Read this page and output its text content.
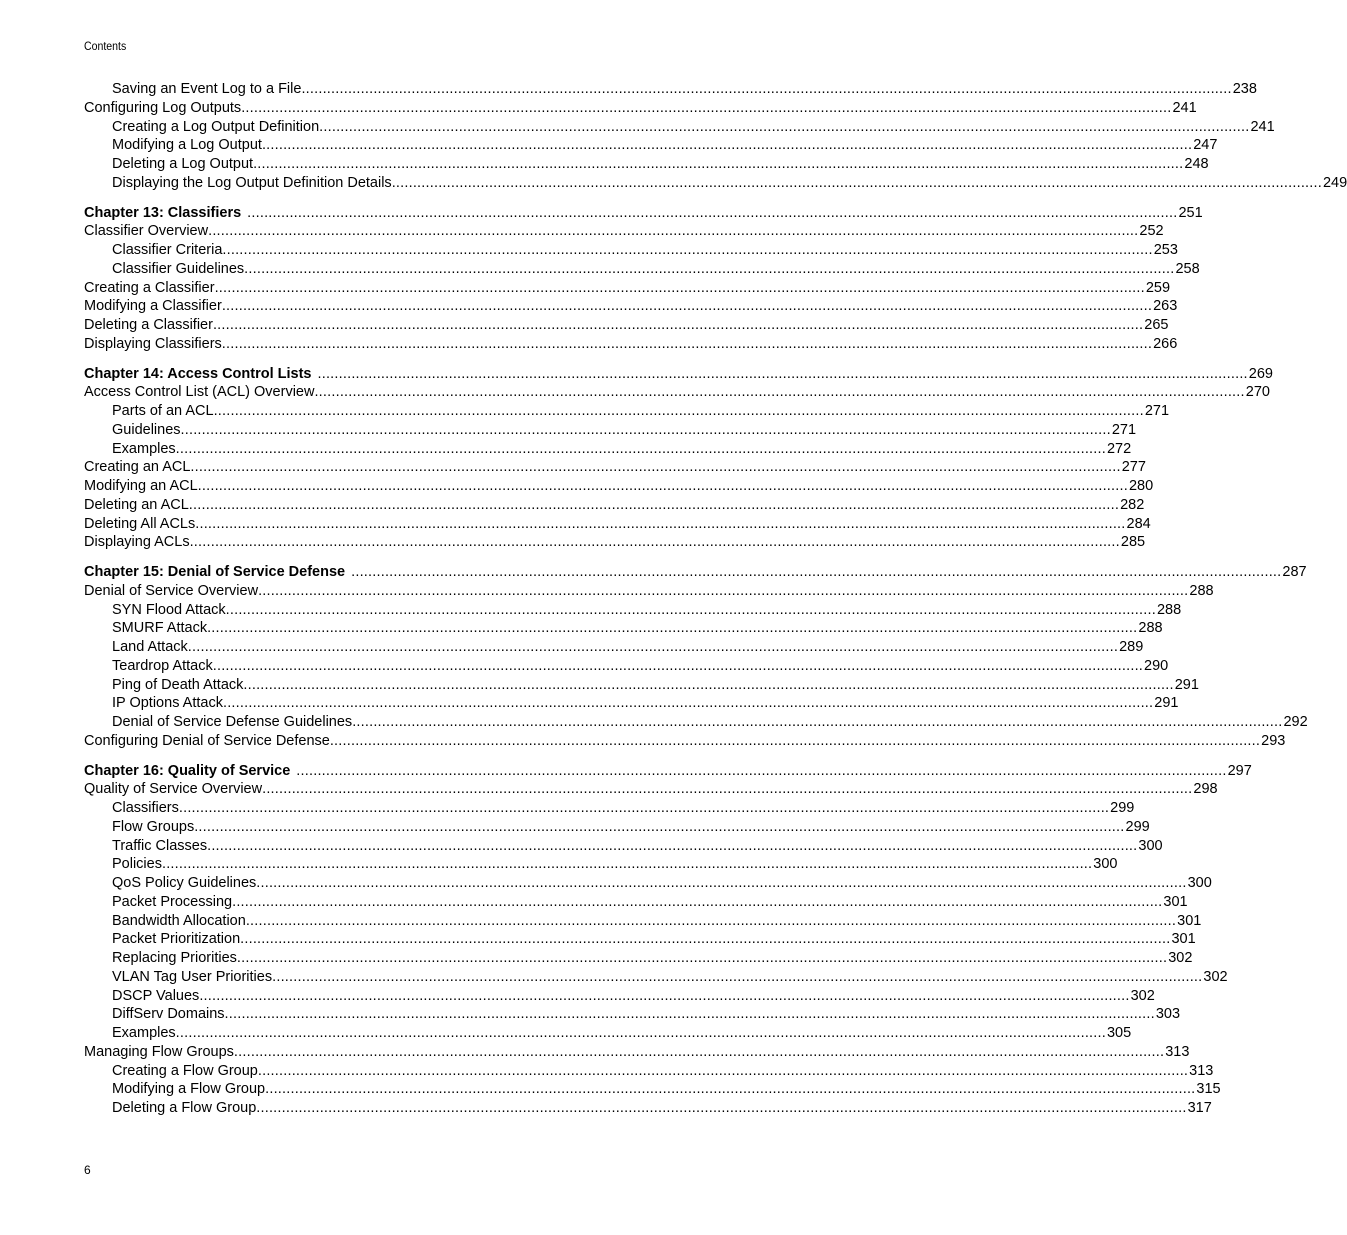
Contents
Saving an Event Log to a File ............................................................................................................................................................................................................................ 238
Configuring Log Outputs ............................................................................................................................................................................................................................ 241
Creating a Log Output Definition ............................................................................................................................................................................................................................ 241
Modifying a Log Output ............................................................................................................................................................................................................................ 247
Deleting a Log Output ............................................................................................................................................................................................................................ 248
Displaying the Log Output Definition Details ............................................................................................................................................................................................................................ 249
Chapter 13: Classifiers ............................................................................................................................................................................................................................ 251
Classifier Overview ............................................................................................................................................................................................................................ 252
Classifier Criteria ............................................................................................................................................................................................................................ 253
Classifier Guidelines ............................................................................................................................................................................................................................ 258
Creating a Classifier ............................................................................................................................................................................................................................ 259
Modifying a Classifier ............................................................................................................................................................................................................................ 263
Deleting a Classifier ............................................................................................................................................................................................................................ 265
Displaying Classifiers ............................................................................................................................................................................................................................ 266
Chapter 14: Access Control Lists ............................................................................................................................................................................................................................ 269
Access Control List (ACL) Overview ............................................................................................................................................................................................................................ 270
Parts of an ACL ............................................................................................................................................................................................................................ 271
Guidelines ............................................................................................................................................................................................................................ 271
Examples ............................................................................................................................................................................................................................ 272
Creating an ACL ............................................................................................................................................................................................................................ 277
Modifying an ACL ............................................................................................................................................................................................................................ 280
Deleting an ACL ............................................................................................................................................................................................................................ 282
Deleting All ACLs ............................................................................................................................................................................................................................ 284
Displaying ACLs ............................................................................................................................................................................................................................ 285
Chapter 15: Denial of Service Defense ............................................................................................................................................................................................................................ 287
Denial of Service Overview ............................................................................................................................................................................................................................ 288
SYN Flood Attack ............................................................................................................................................................................................................................ 288
SMURF Attack ............................................................................................................................................................................................................................ 288
Land Attack ............................................................................................................................................................................................................................ 289
Teardrop Attack ............................................................................................................................................................................................................................ 290
Ping of Death Attack ............................................................................................................................................................................................................................ 291
IP Options Attack ............................................................................................................................................................................................................................ 291
Denial of Service Defense Guidelines ............................................................................................................................................................................................................................ 292
Configuring Denial of Service Defense ............................................................................................................................................................................................................................ 293
Chapter 16: Quality of Service ............................................................................................................................................................................................................................ 297
Quality of Service Overview ............................................................................................................................................................................................................................ 298
Classifiers ............................................................................................................................................................................................................................ 299
Flow Groups ............................................................................................................................................................................................................................ 299
Traffic Classes ............................................................................................................................................................................................................................ 300
Policies ............................................................................................................................................................................................................................ 300
QoS Policy Guidelines ............................................................................................................................................................................................................................ 300
Packet Processing ............................................................................................................................................................................................................................ 301
Bandwidth Allocation ............................................................................................................................................................................................................................ 301
Packet Prioritization ............................................................................................................................................................................................................................ 301
Replacing Priorities ............................................................................................................................................................................................................................ 302
VLAN Tag User Priorities ............................................................................................................................................................................................................................ 302
DSCP Values ............................................................................................................................................................................................................................ 302
DiffServ Domains ............................................................................................................................................................................................................................ 303
Examples ............................................................................................................................................................................................................................ 305
Managing Flow Groups ............................................................................................................................................................................................................................ 313
Creating a Flow Group ............................................................................................................................................................................................................................ 313
Modifying a Flow Group ............................................................................................................................................................................................................................ 315
Deleting a Flow Group ............................................................................................................................................................................................................................ 317
6
